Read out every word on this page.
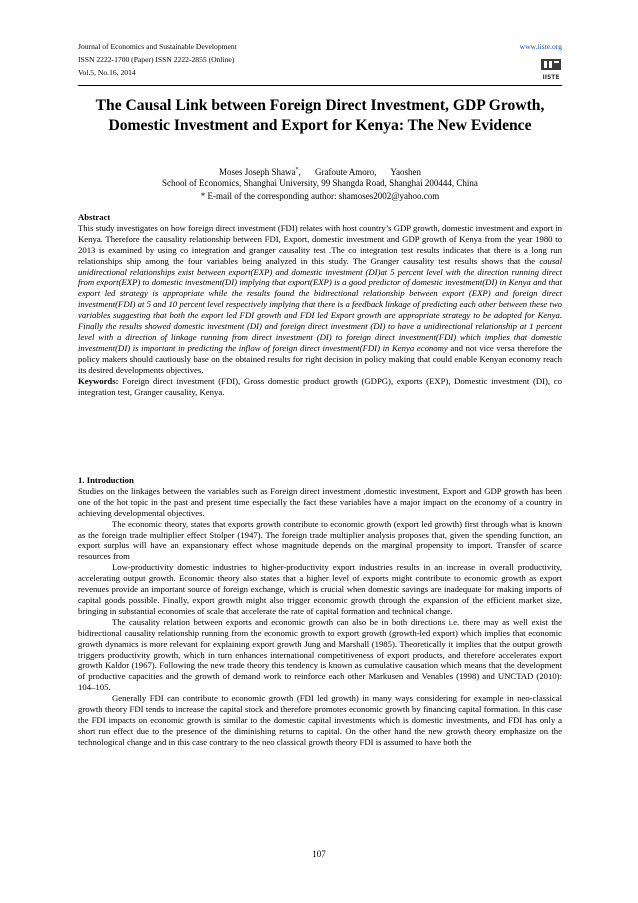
Journal of Economics and Sustainable Development
ISSN 2222-1700 (Paper) ISSN 2222-2855 (Online)
Vol.5, No.16, 2014
www.iiste.org
IISTE
The Causal Link between Foreign Direct Investment, GDP Growth, Domestic Investment and Export for Kenya: The New Evidence
Moses Joseph Shawa*, Grafoute Amoro, Yaoshen
School of Economics, Shanghai University, 99 Shangda Road, Shanghai 200444, China
* E-mail of the corresponding author: shamoses2002@yahoo.com

Abstract

This study investigates on how foreign direct investment (FDI) relates with host country’s GDP growth, domestic investment and export in Kenya. Therefore the causality relationship between FDI, Export, domestic investment and GDP growth of Kenya from the year 1980 to 2013 is examined by using co integration and granger causality test .The co integration test results indicates that there is a long run relationships ship among the four variables being analyzed in this study. The Granger causality test results shows that the causal unidirectional relationships exist between export(EXP) and domestic investment (DI)at 5 percent level with the direction running direct from export(EXP) to domestic investment(DI) implying that export(EXP) is a good predictor of domestic investment(DI) in Kenya and that export led strategy is appropriate while the results found the bidirectional relationship between export (EXP) and foreign direct investment(FDI) at 5 and 10 percent level respectively implying that there is a feedback linkage of predicting each other between these two variables suggesting that both the export led FDI growth and FDI led Export growth are appropriate strategy to be adopted for Kenya. Finally the results showed domestic investment (DI) and foreign direct investment (DI) to have a unidirectional relationship at 1 percent level with a direction of linkage running from direct investment (DI) to foreign direct investment(FDI) which implies that domestic investment(DI) is important in predicting the inflow of foreign direct investment(FDI) in Kenya economy and not vice versa therefore the policy makers should cautiously base on the obtained results for right decision in policy making that could enable Kenyan economy reach its desired developments objectives.

Keywords: Foreign direct investment (FDI), Gross domestic product growth (GDPG), exports (EXP), Domestic investment (DI), co integration test, Granger causality, Kenya.

1. Introduction

Studies on the linkages between the variables such as Foreign direct investment ,domestic investment, Export and GDP growth has been one of the hot topic in the past and present time especially the fact these variables have a major impact on the economy of a country in achieving developmental objectives.

The economic theory, states that exports growth contribute to economic growth (export led growth) first through what is known as the foreign trade multiplier effect Stolper (1947). The foreign trade multiplier analysis proposes that, given the spending function, an export surplus will have an expansionary effect whose magnitude depends on the marginal propensity to import. Transfer of scarce resources from

Low-productivity domestic industries to higher-productivity export industries results in an increase in overall productivity, accelerating output growth. Economic theory also states that a higher level of exports might contribute to economic growth as export revenues provide an important source of foreign exchange, which is crucial when domestic savings are inadequate for making imports of capital goods possible. Finally, export growth might also trigger economic growth through the expansion of the efficient market size, bringing in substantial economies of scale that accelerate the rate of capital formation and technical change.

The causality relation between exports and economic growth can also be in both directions i.e. there may as well exist the bidirectional causality relationship running from the economic growth to export growth (growth-led export) which implies that economic growth dynamics is more relevant for explaining export growth Jung and Marshall (1985). Theoretically it implies that the output growth triggers productivity growth, which in turn enhances international competitiveness of export products, and therefore accelerates export growth Kaldor (1967). Following the new trade theory this tendency is known as cumulative causation which means that the development of productive capacities and the growth of demand work to reinforce each other Markusen and Venables (1998) and UNCTAD (2010): 104–105.

Generally FDI can contribute to economic growth (FDI led growth) in many ways considering for example in neo-classical growth theory FDI tends to increase the capital stock and therefore promotes economic growth by financing capital formation. In this case the FDI impacts on economic growth is similar to the domestic capital investments which is domestic investments, and FDI has only a short run effect due to the presence of the diminishing returns to capital. On the other hand the new growth theory emphasize on the technological change and in this case contrary to the neo classical growth theory FDI is assumed to have both the

107
